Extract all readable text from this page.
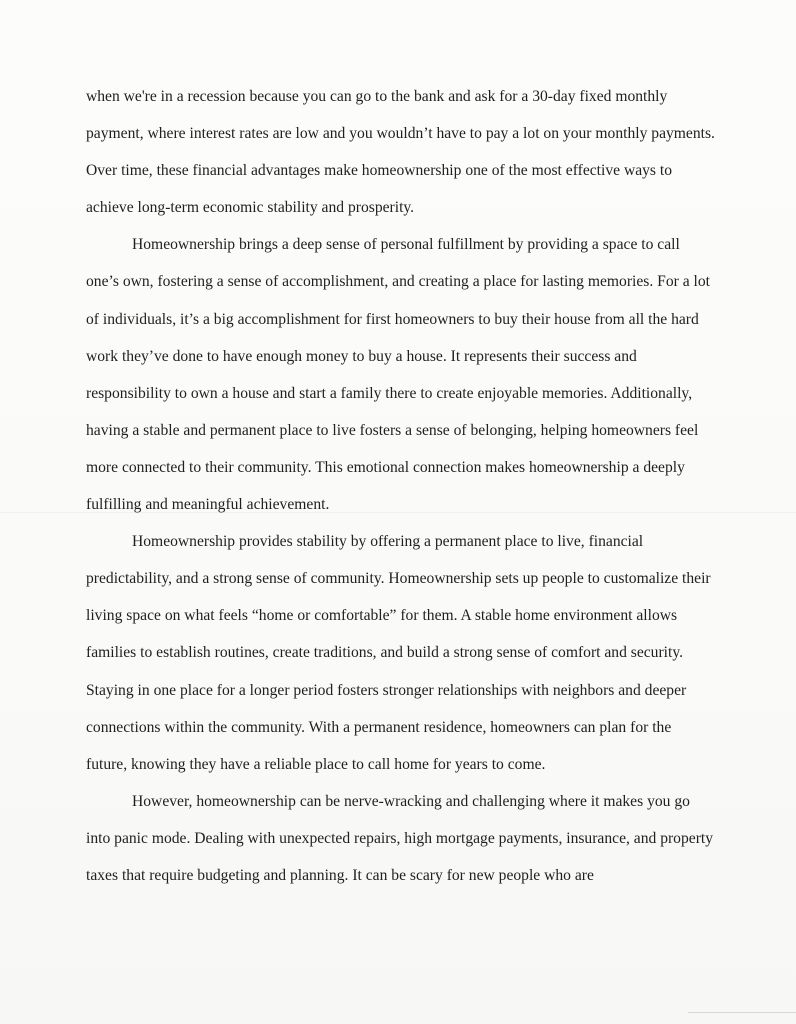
when we're in a recession because you can go to the bank and ask for a 30-day fixed monthly payment, where interest rates are low and you wouldn’t have to pay a lot on your monthly payments. Over time, these financial advantages make homeownership one of the most effective ways to achieve long-term economic stability and prosperity.

Homeownership brings a deep sense of personal fulfillment by providing a space to call one’s own, fostering a sense of accomplishment, and creating a place for lasting memories. For a lot of individuals, it’s a big accomplishment for first homeowners to buy their house from all the hard work they’ve done to have enough money to buy a house. It represents their success and responsibility to own a house and start a family there to create enjoyable memories. Additionally, having a stable and permanent place to live fosters a sense of belonging, helping homeowners feel more connected to their community. This emotional connection makes homeownership a deeply fulfilling and meaningful achievement.

Homeownership provides stability by offering a permanent place to live, financial predictability, and a strong sense of community. Homeownership sets up people to customalize their living space on what feels “home or comfortable” for them. A stable home environment allows families to establish routines, create traditions, and build a strong sense of comfort and security. Staying in one place for a longer period fosters stronger relationships with neighbors and deeper connections within the community. With a permanent residence, homeowners can plan for the future, knowing they have a reliable place to call home for years to come.

However, homeownership can be nerve-wracking and challenging where it makes you go into panic mode. Dealing with unexpected repairs, high mortgage payments, insurance, and property taxes that require budgeting and planning. It can be scary for new people who are
